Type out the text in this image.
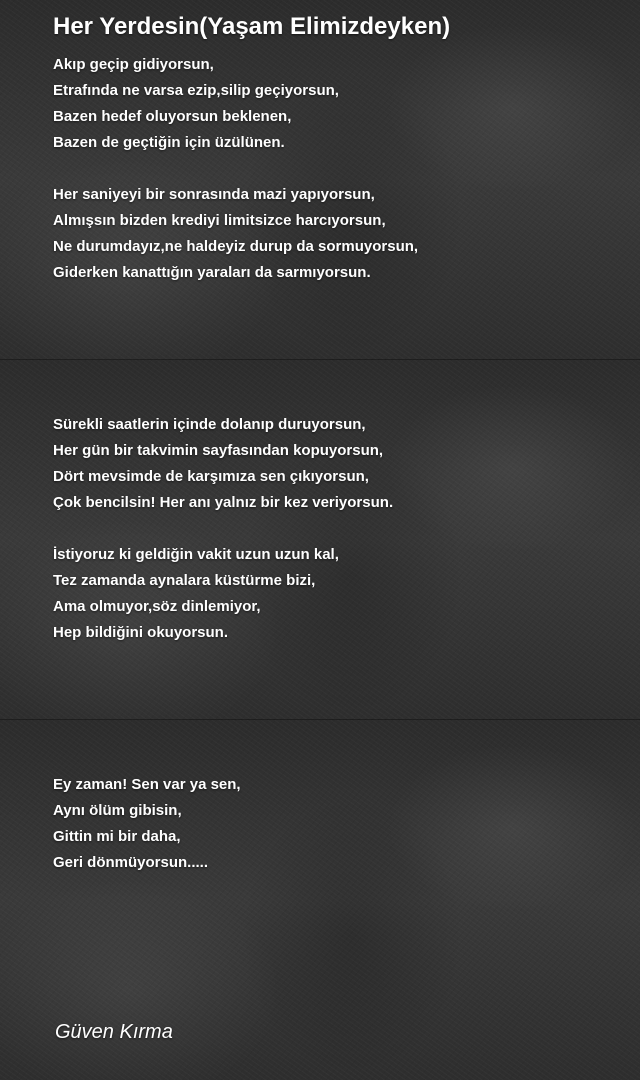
Her Yerdesin(Yaşam Elimizdeyken)
Akıp geçip gidiyorsun,
Etrafında ne varsa ezip,silip geçiyorsun,
Bazen hedef oluyorsun beklenen,
Bazen de geçtiğin için üzülünen.
Her saniyeyi bir sonrasında mazi yapıyorsun,
Almışsın bizden krediyi limitsizce harcıyorsun,
Ne durumdayız,ne haldeyiz durup da sormuyorsun,
Giderken kanattığın yaraları da sarmıyorsun.
Sürekli saatlerin içinde dolanıp duruyorsun,
Her gün bir takvimin sayfasından kopuyorsun,
Dört mevsimde de karşımıza sen çıkıyorsun,
Çok bencilsin! Her anı yalnız bir kez veriyorsun.
İstiyoruz ki geldiğin vakit uzun uzun kal,
Tez zamanda aynalara küstürme bizi,
Ama olmuyor,söz dinlemiyor,
Hep bildiğini okuyorsun.
Ey zaman! Sen var ya sen,
Aynı ölüm gibisin,
Gittin mi bir daha,
Geri dönmüyorsun.....

Güven Kırma
